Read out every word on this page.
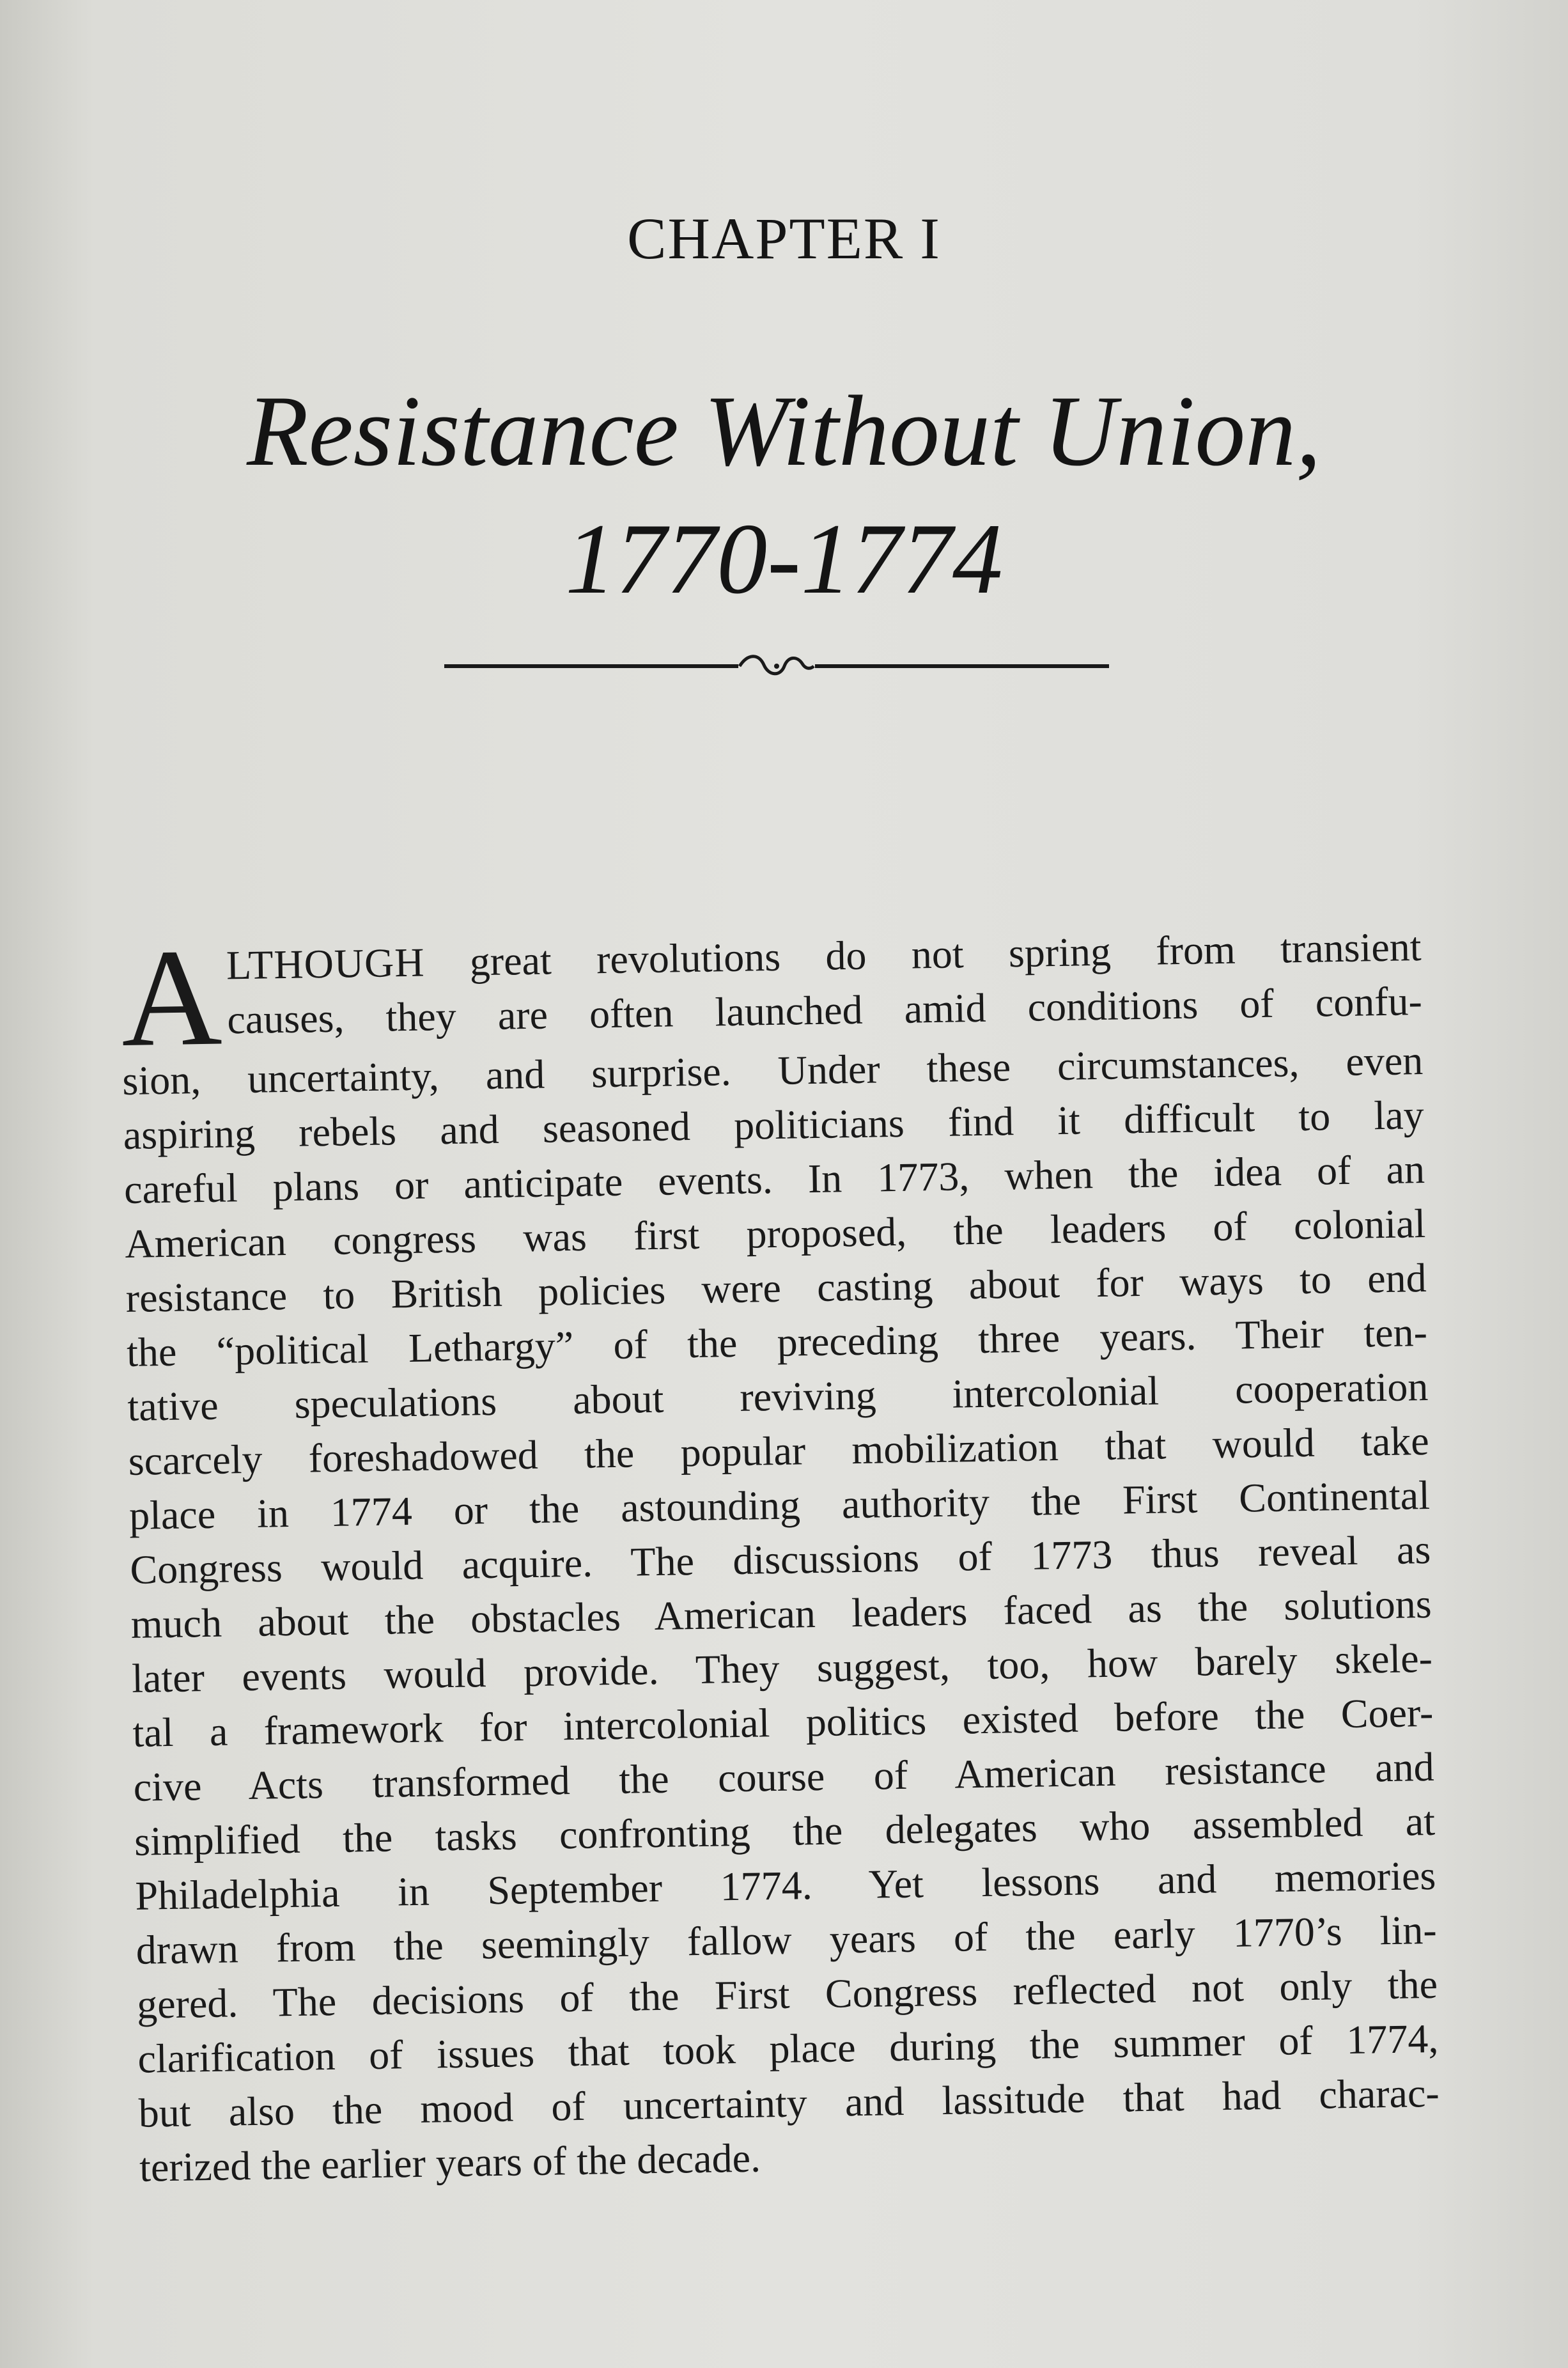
CHAPTER I
Resistance Without Union,
1770-1774
A LTHOUGH great revolutions do not spring from transient
causes, they are often launched amid conditions of confu-
sion, uncertainty, and surprise. Under these circumstances, even
aspiring rebels and seasoned politicians find it difficult to lay
careful plans or anticipate events. In 1773, when the idea of an
American congress was first proposed, the leaders of colonial
resistance to British policies were casting about for ways to end
the “political Lethargy” of the preceding three years. Their ten-
tative speculations about reviving intercolonial cooperation
scarcely foreshadowed the popular mobilization that would take
place in 1774 or the astounding authority the First Continental
Congress would acquire. The discussions of 1773 thus reveal as
much about the obstacles American leaders faced as the solutions
later events would provide. They suggest, too, how barely skele-
tal a framework for intercolonial politics existed before the Coer-
cive Acts transformed the course of American resistance and
simplified the tasks confronting the delegates who assembled at
Philadelphia in September 1774. Yet lessons and memories
drawn from the seemingly fallow years of the early 1770’s lin-
gered. The decisions of the First Congress reflected not only the
clarification of issues that took place during the summer of 1774,
but also the mood of uncertainty and lassitude that had charac-
terized the earlier years of the decade.
